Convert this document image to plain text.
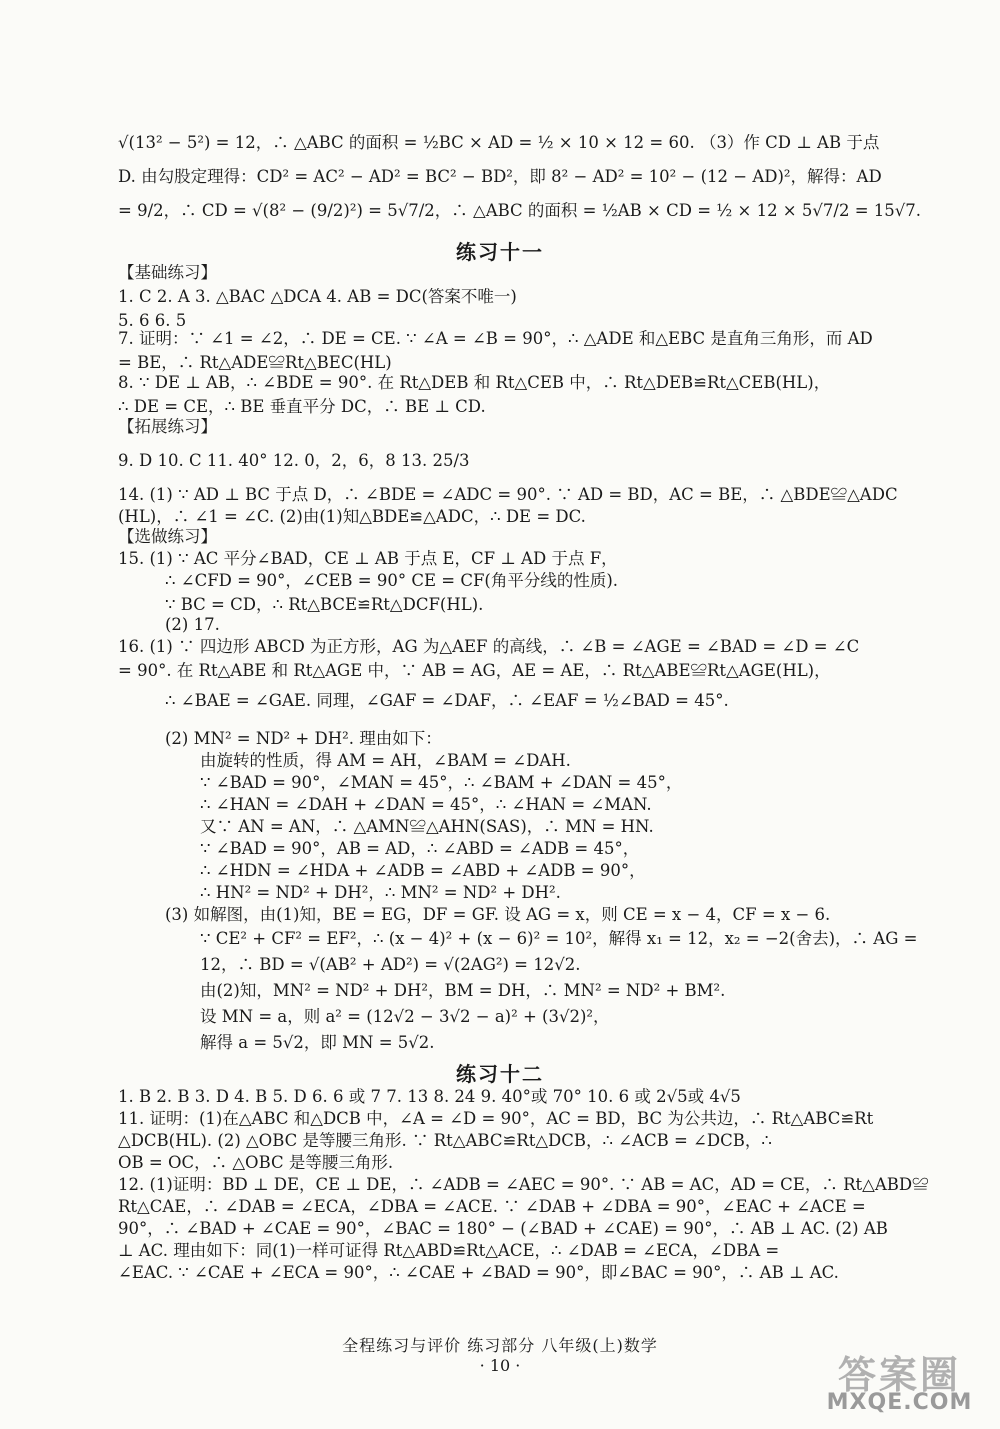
√(13² − 5²) = 12，∴ △ABC 的面积 = ½BC × AD = ½ × 10 × 12 = 60. （3）作 CD ⊥ AB 于点
D. 由勾股定理得：CD² = AC² − AD² = BC² − BD²，即 8² − AD² = 10² − (12 − AD)²，解得：AD
= 9/2，∴ CD = √(8² − (9/2)²) = 5√7/2，∴ △ABC 的面积 = ½AB × CD = ½ × 12 × 5√7/2 = 15√7.
练习十一
【基础练习】
1. C 2. A 3. △BAC △DCA 4. AB = DC(答案不唯一)
5. 6 6. 5
7. 证明：∵ ∠1 = ∠2，∴ DE = CE. ∵ ∠A = ∠B = 90°，∴ △ADE 和△EBC 是直角三角形，而 AD
= BE，∴ Rt△ADE≌Rt△BEC(HL)
8. ∵ DE ⊥ AB，∴ ∠BDE = 90°. 在 Rt△DEB 和 Rt△CEB 中，∴ Rt△DEB≌Rt△CEB(HL)，
∴ DE = CE，∴ BE 垂直平分 DC，∴ BE ⊥ CD.
【拓展练习】
9. D 10. C 11. 40° 12. 0，2，6，8 13. 25/3
14. (1) ∵ AD ⊥ BC 于点 D，∴ ∠BDE = ∠ADC = 90°. ∵ AD = BD，AC = BE，∴ △BDE≌△ADC
(HL)，∴ ∠1 = ∠C. (2)由(1)知△BDE≌△ADC，∴ DE = DC.
【选做练习】
15. (1) ∵ AC 平分∠BAD，CE ⊥ AB 于点 E，CF ⊥ AD 于点 F，
∴ ∠CFD = 90°，∠CEB = 90° CE = CF(角平分线的性质).
∵ BC = CD，∴ Rt△BCE≌Rt△DCF(HL).
(2) 17.
16. (1) ∵ 四边形 ABCD 为正方形，AG 为△AEF 的高线，∴ ∠B = ∠AGE = ∠BAD = ∠D = ∠C
= 90°. 在 Rt△ABE 和 Rt△AGE 中，∵ AB = AG，AE = AE，∴ Rt△ABE≌Rt△AGE(HL)，
∴ ∠BAE = ∠GAE. 同理，∠GAF = ∠DAF，∴ ∠EAF = ½∠BAD = 45°.
(2) MN² = ND² + DH². 理由如下：
由旋转的性质，得 AM = AH，∠BAM = ∠DAH.
∵ ∠BAD = 90°，∠MAN = 45°，∴ ∠BAM + ∠DAN = 45°，
∴ ∠HAN = ∠DAH + ∠DAN = 45°，∴ ∠HAN = ∠MAN.
又∵ AN = AN，∴ △AMN≌△AHN(SAS)，∴ MN = HN.
∵ ∠BAD = 90°，AB = AD，∴ ∠ABD = ∠ADB = 45°，
∴ ∠HDN = ∠HDA + ∠ADB = ∠ABD + ∠ADB = 90°，
∴ HN² = ND² + DH²，∴ MN² = ND² + DH².
(3) 如解图，由(1)知，BE = EG，DF = GF. 设 AG = x，则 CE = x − 4，CF = x − 6.
∵ CE² + CF² = EF²，∴ (x − 4)² + (x − 6)² = 10²，解得 x₁ = 12，x₂ = −2(舍去)，∴ AG =
12，∴ BD = √(AB² + AD²) = √(2AG²) = 12√2.
由(2)知，MN² = ND² + DH²，BM = DH，∴ MN² = ND² + BM².
设 MN = a，则 a² = (12√2 − 3√2 − a)² + (3√2)²，
解得 a = 5√2，即 MN = 5√2.
练习十二
1. B 2. B 3. D 4. B 5. D 6. 6 或 7 7. 13 8. 24 9. 40°或 70° 10. 6 或 2√5或 4√5
11. 证明：(1)在△ABC 和△DCB 中，∠A = ∠D = 90°，AC = BD，BC 为公共边，∴ Rt△ABC≌Rt
△DCB(HL). (2) △OBC 是等腰三角形. ∵ Rt△ABC≌Rt△DCB，∴ ∠ACB = ∠DCB，∴
OB = OC，∴ △OBC 是等腰三角形.
12. (1)证明：BD ⊥ DE，CE ⊥ DE，∴ ∠ADB = ∠AEC = 90°. ∵ AB = AC，AD = CE，∴ Rt△ABD≌
Rt△CAE，∴ ∠DAB = ∠ECA，∠DBA = ∠ACE. ∵ ∠DAB + ∠DBA = 90°，∠EAC + ∠ACE =
90°，∴ ∠BAD + ∠CAE = 90°，∠BAC = 180° − (∠BAD + ∠CAE) = 90°，∴ AB ⊥ AC. (2) AB
⊥ AC. 理由如下：同(1)一样可证得 Rt△ABD≌Rt△ACE，∴ ∠DAB = ∠ECA，∠DBA =
∠EAC. ∵ ∠CAE + ∠ECA = 90°，∴ ∠CAE + ∠BAD = 90°，即∠BAC = 90°，∴ AB ⊥ AC.
全程练习与评价 练习部分 八年级(上)数学
· 10 ·	答案圈
MXQE.COM
